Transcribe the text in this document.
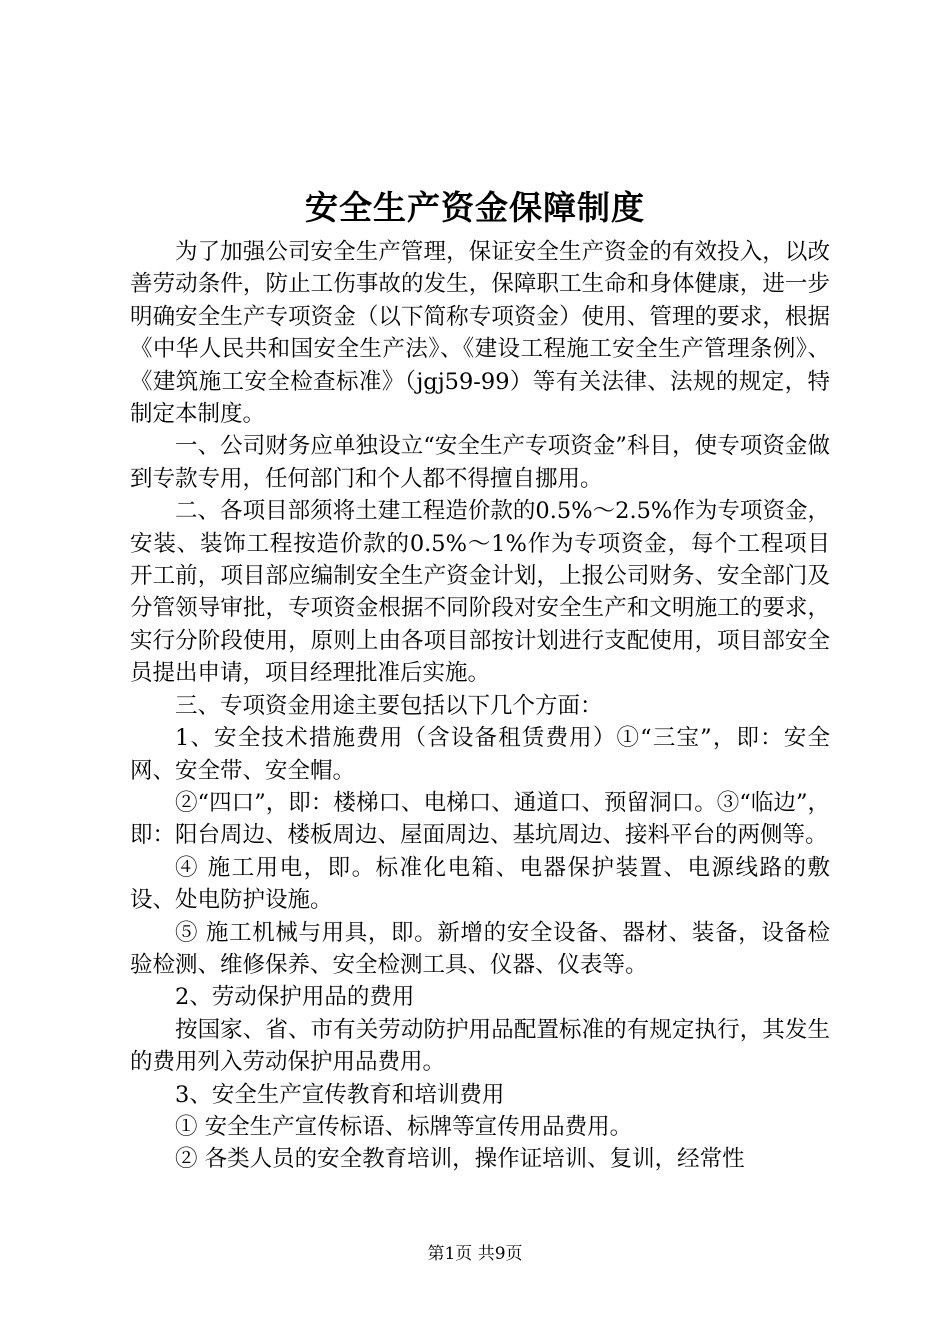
安全生产资金保障制度

为了加强公司安全生产管理，保证安全生产资金的有效投入，以改善劳动条件，防止工伤事故的发生，保障职工生命和身体健康，进一步明确安全生产专项资金（以下简称专项资金）使用、管理的要求，根据《中华人民共和国安全生产法》、《建设工程施工安全生产管理条例》、《建筑施工安全检查标准》（jgj59-99）等有关法律、法规的规定，特制定本制度。

一、公司财务应单独设立“安全生产专项资金”科目，使专项资金做到专款专用，任何部门和个人都不得擅自挪用。

二、各项目部须将土建工程造价款的0.5%～2.5%作为专项资金，安装、装饰工程按造价款的0.5%～1%作为专项资金，每个工程项目开工前，项目部应编制安全生产资金计划，上报公司财务、安全部门及分管领导审批，专项资金根据不同阶段对安全生产和文明施工的要求，实行分阶段使用，原则上由各项目部按计划进行支配使用，项目部安全员提出申请，项目经理批准后实施。

三、专项资金用途主要包括以下几个方面：

1、安全技术措施费用（含设备租赁费用）①“三宝”，即：安全网、安全带、安全帽。

②“四口”，即：楼梯口、电梯口、通道口、预留洞口。③“临边”，即：阳台周边、楼板周边、屋面周边、基坑周边、接料平台的两侧等。

④ 施工用电，即。标准化电箱、电器保护装置、电源线路的敷设、处电防护设施。

⑤ 施工机械与用具，即。新增的安全设备、器材、装备，设备检验检测、维修保养、安全检测工具、仪器、仪表等。

2、劳动保护用品的费用

按国家、省、市有关劳动防护用品配置标准的有规定执行，其发生的费用列入劳动保护用品费用。

3、安全生产宣传教育和培训费用

① 安全生产宣传标语、标牌等宣传用品费用。

② 各类人员的安全教育培训，操作证培训、复训，经常性

第1页 共9页
